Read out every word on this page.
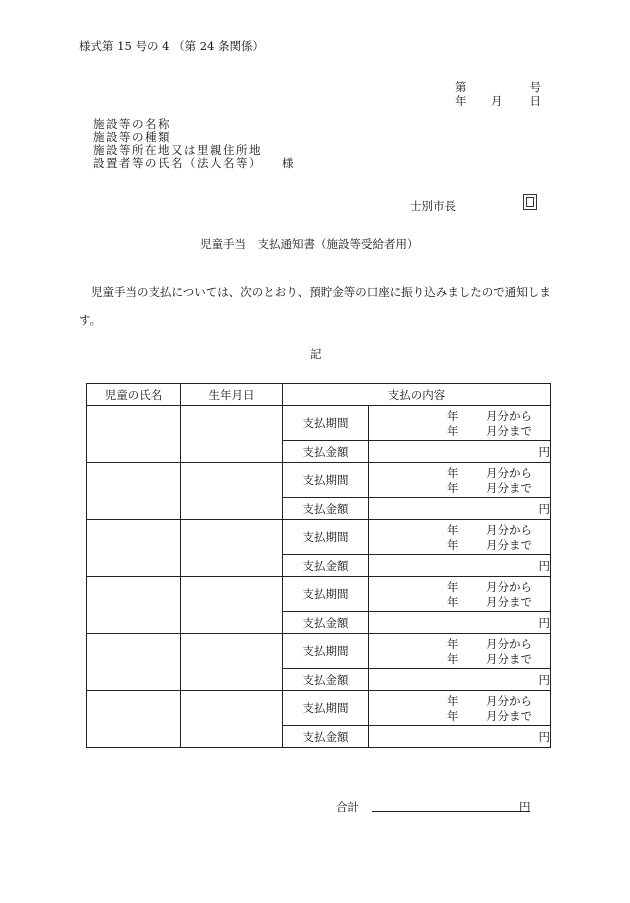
様式第 15 号の 4 （第 24 条関係）
第	号
年 月 日
施設等の名称
施設等の種類
施設等所在地又は里親住所地
設置者等の氏名（法人名等） 様
士別市長
児童手当　支払通知書（施設等受給者用）
児童手当の支払については、次のとおり、預貯金等の口座に振り込みましたので通知します。
記
児童の氏名	生年月日	支払の内容	
		支払期間	年 月分から
年 月分まで

		支払金額	円
		支払期間	年 月分から
年 月分まで

		支払金額	円
		支払期間	年 月分から
年 月分まで

		支払金額	円
		支払期間	年 月分から
年 月分まで

		支払金額	円
		支払期間	年 月分から
年 月分まで

		支払金額	円
		支払期間	年 月分から
年 月分まで

		支払金額	円
合計	円
